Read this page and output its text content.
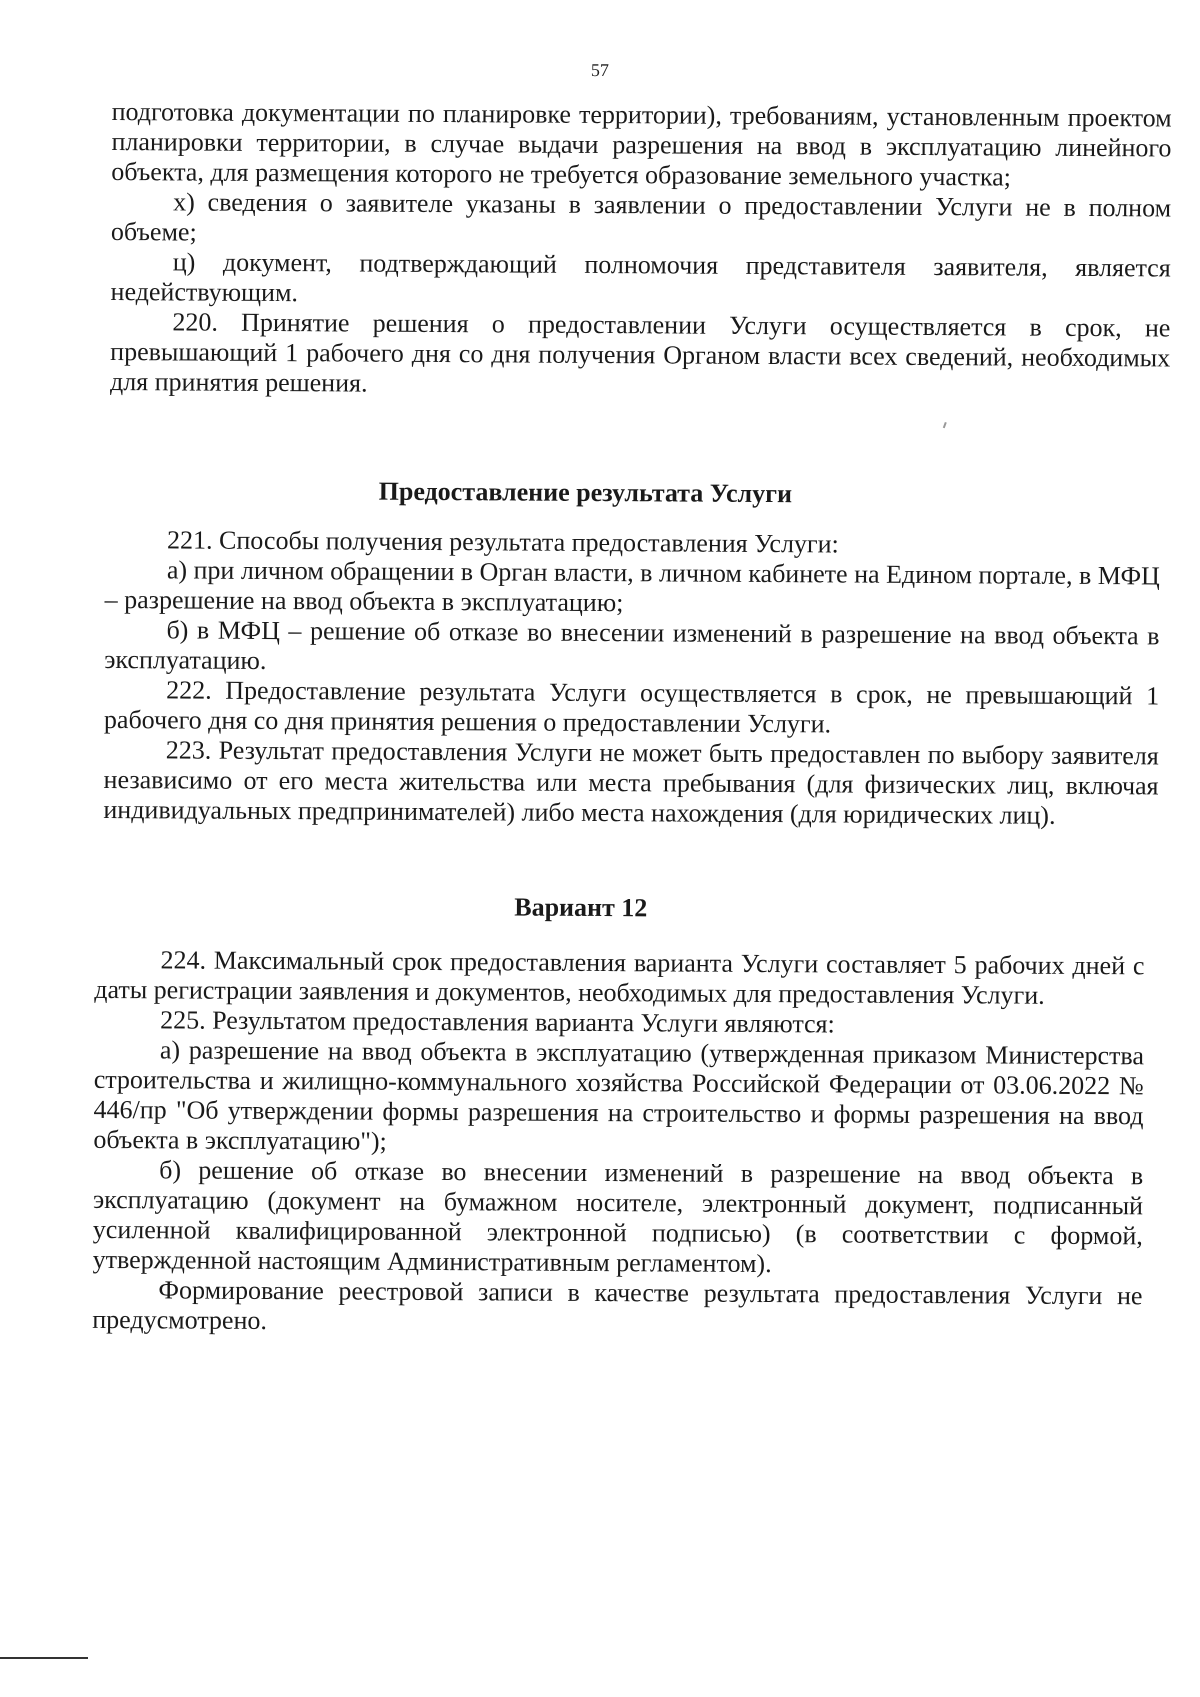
57

подготовка документации по планировке территории), требованиям, установленным проектом планировки территории, в случае выдачи разрешения на ввод в эксплуатацию линейного объекта, для размещения которого не требуется образование земельного участка;

х) сведения о заявителе указаны в заявлении о предоставлении Услуги не в полном объеме;

ц) документ, подтверждающий полномочия представителя заявителя, является недействующим.

220. Принятие решения о предоставлении Услуги осуществляется в срок, не превышающий 1 рабочего дня со дня получения Органом власти всех сведений, необходимых для принятия решения.

Предоставление результата Услуги

221. Способы получения результата предоставления Услуги:

а) при личном обращении в Орган власти, в личном кабинете на Едином портале, в МФЦ – разрешение на ввод объекта в эксплуатацию;

б) в МФЦ – решение об отказе во внесении изменений в разрешение на ввод объекта в эксплуатацию.

222. Предоставление результата Услуги осуществляется в срок, не превышающий 1 рабочего дня со дня принятия решения о предоставлении Услуги.

223. Результат предоставления Услуги не может быть предоставлен по выбору заявителя независимо от его места жительства или места пребывания (для физических лиц, включая индивидуальных предпринимателей) либо места нахождения (для юридических лиц).

Вариант 12

224. Максимальный срок предоставления варианта Услуги составляет 5 рабочих дней с даты регистрации заявления и документов, необходимых для предоставления Услуги.

225. Результатом предоставления варианта Услуги являются:

а) разрешение на ввод объекта в эксплуатацию (утвержденная приказом Министерства строительства и жилищно-коммунального хозяйства Российской Федерации от 03.06.2022 № 446/пр "Об утверждении формы разрешения на строительство и формы разрешения на ввод объекта в эксплуатацию");

б) решение об отказе во внесении изменений в разрешение на ввод объекта в эксплуатацию (документ на бумажном носителе, электронный документ, подписанный усиленной квалифицированной электронной подписью) (в соответствии с формой, утвержденной настоящим Административным регламентом).

Формирование реестровой записи в качестве результата предоставления Услуги не предусмотрено.
